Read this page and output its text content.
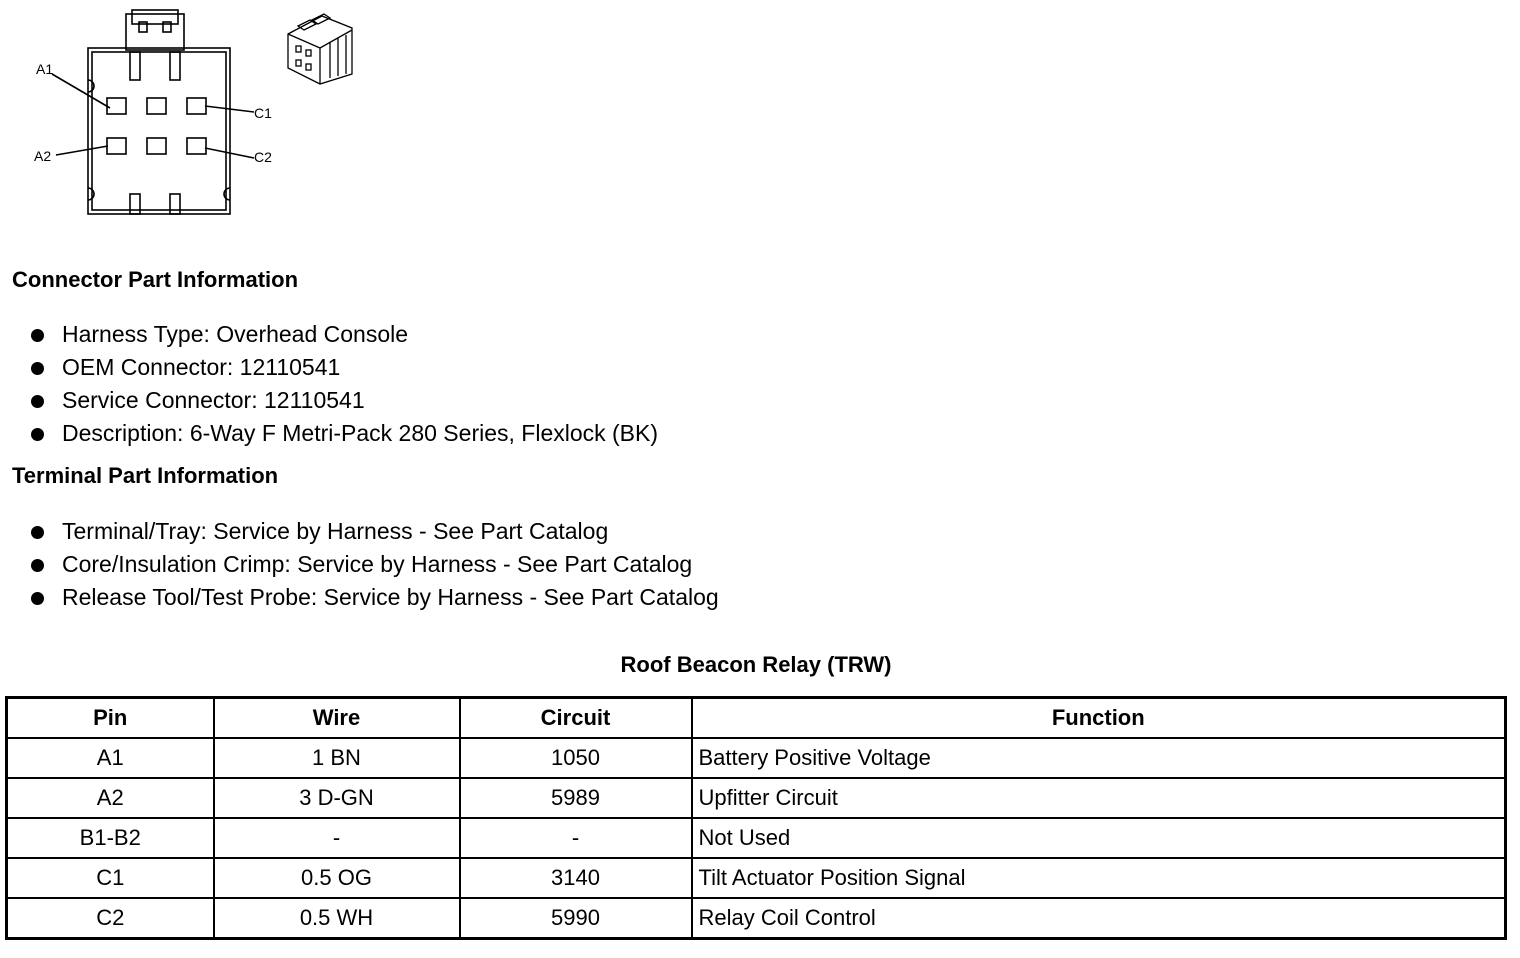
A1
A2
C1
C2
Connector Part Information
Harness Type: Overhead Console
OEM Connector: 12110541
Service Connector: 12110541
Description: 6-Way F Metri-Pack 280 Series, Flexlock (BK)
Terminal Part Information
Terminal/Tray: Service by Harness - See Part Catalog
Core/Insulation Crimp: Service by Harness - See Part Catalog
Release Tool/Test Probe: Service by Harness - See Part Catalog
Roof Beacon Relay (TRW)
Pin	Wire	Circuit	Function
A1	1 BN	1050	Battery Positive Voltage
A2	3 D-GN	5989	Upfitter Circuit
B1-B2	-	-	Not Used
C1	0.5 OG	3140	Tilt Actuator Position Signal
C2	0.5 WH	5990	Relay Coil Control
